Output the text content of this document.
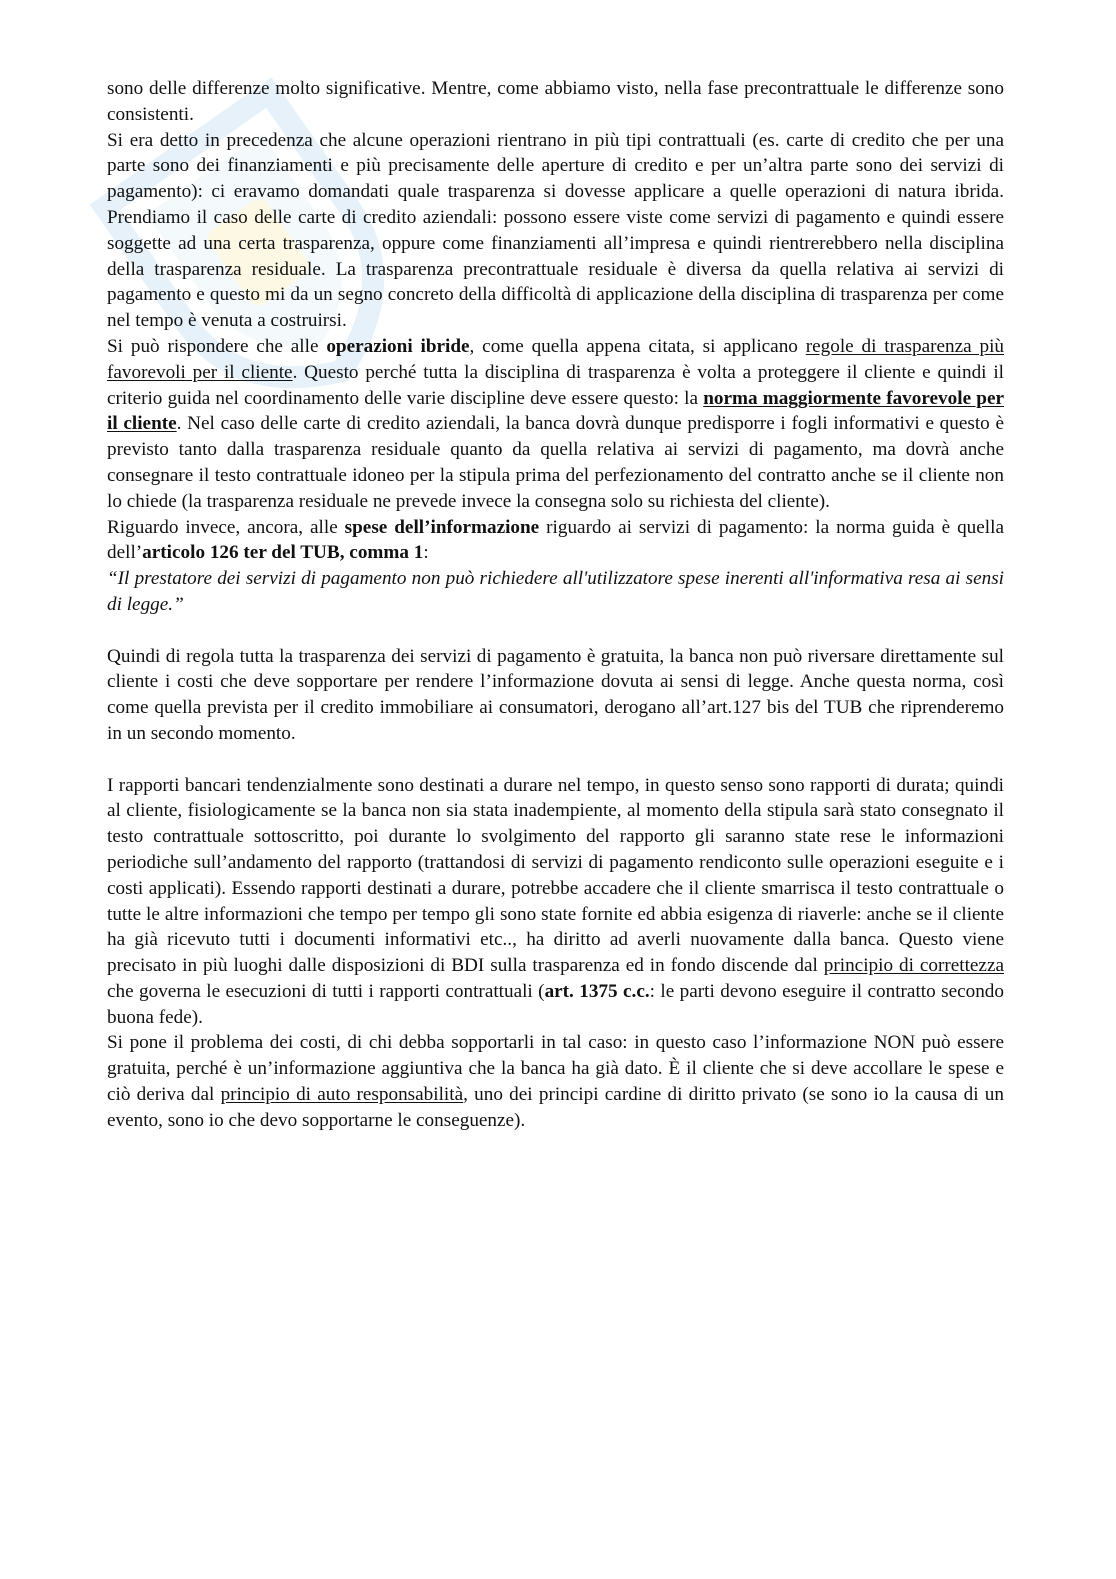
sono delle differenze molto significative. Mentre, come abbiamo visto, nella fase precontrattuale le differenze sono consistenti.

Si era detto in precedenza che alcune operazioni rientrano in più tipi contrattuali (es. carte di credito che per una parte sono dei finanziamenti e più precisamente delle aperture di credito e per un’altra parte sono dei servizi di pagamento): ci eravamo domandati quale trasparenza si dovesse applicare a quelle operazioni di natura ibrida. Prendiamo il caso delle carte di credito aziendali: possono essere viste come servizi di pagamento e quindi essere soggette ad una certa trasparenza, oppure come finanziamenti all’impresa e quindi rientrerebbero nella disciplina della trasparenza residuale. La trasparenza precontrattuale residuale è diversa da quella relativa ai servizi di pagamento e questo mi da un segno concreto della difficoltà di applicazione della disciplina di trasparenza per come nel tempo è venuta a costruirsi.

Si può rispondere che alle operazioni ibride, come quella appena citata, si applicano regole di trasparenza più favorevoli per il cliente. Questo perché tutta la disciplina di trasparenza è volta a proteggere il cliente e quindi il criterio guida nel coordinamento delle varie discipline deve essere questo: la norma maggiormente favorevole per il cliente. Nel caso delle carte di credito aziendali, la banca dovrà dunque predisporre i fogli informativi e questo è previsto tanto dalla trasparenza residuale quanto da quella relativa ai servizi di pagamento, ma dovrà anche consegnare il testo contrattuale idoneo per la stipula prima del perfezionamento del contratto anche se il cliente non lo chiede (la trasparenza residuale ne prevede invece la consegna solo su richiesta del cliente).

Riguardo invece, ancora, alle spese dell’informazione riguardo ai servizi di pagamento: la norma guida è quella dell’articolo 126 ter del TUB, comma 1:

“Il prestatore dei servizi di pagamento non può richiedere all'utilizzatore spese inerenti all'informativa resa ai sensi di legge.”

Quindi di regola tutta la trasparenza dei servizi di pagamento è gratuita, la banca non può riversare direttamente sul cliente i costi che deve sopportare per rendere l’informazione dovuta ai sensi di legge. Anche questa norma, così come quella prevista per il credito immobiliare ai consumatori, derogano all’art.127 bis del TUB che riprenderemo in un secondo momento.

I rapporti bancari tendenzialmente sono destinati a durare nel tempo, in questo senso sono rapporti di durata; quindi al cliente, fisiologicamente se la banca non sia stata inadempiente, al momento della stipula sarà stato consegnato il testo contrattuale sottoscritto, poi durante lo svolgimento del rapporto gli saranno state rese le informazioni periodiche sull’andamento del rapporto (trattandosi di servizi di pagamento rendiconto sulle operazioni eseguite e i costi applicati). Essendo rapporti destinati a durare, potrebbe accadere che il cliente smarrisca il testo contrattuale o tutte le altre informazioni che tempo per tempo gli sono state fornite ed abbia esigenza di riaverle: anche se il cliente ha già ricevuto tutti i documenti informativi etc.., ha diritto ad averli nuovamente dalla banca. Questo viene precisato in più luoghi dalle disposizioni di BDI sulla trasparenza ed in fondo discende dal principio di correttezza che governa le esecuzioni di tutti i rapporti contrattuali (art. 1375 c.c.: le parti devono eseguire il contratto secondo buona fede).

Si pone il problema dei costi, di chi debba sopportarli in tal caso: in questo caso l’informazione NON può essere gratuita, perché è un’informazione aggiuntiva che la banca ha già dato. È il cliente che si deve accollare le spese e ciò deriva dal principio di auto responsabilità, uno dei principi cardine di diritto privato (se sono io la causa di un evento, sono io che devo sopportarne le conseguenze).
